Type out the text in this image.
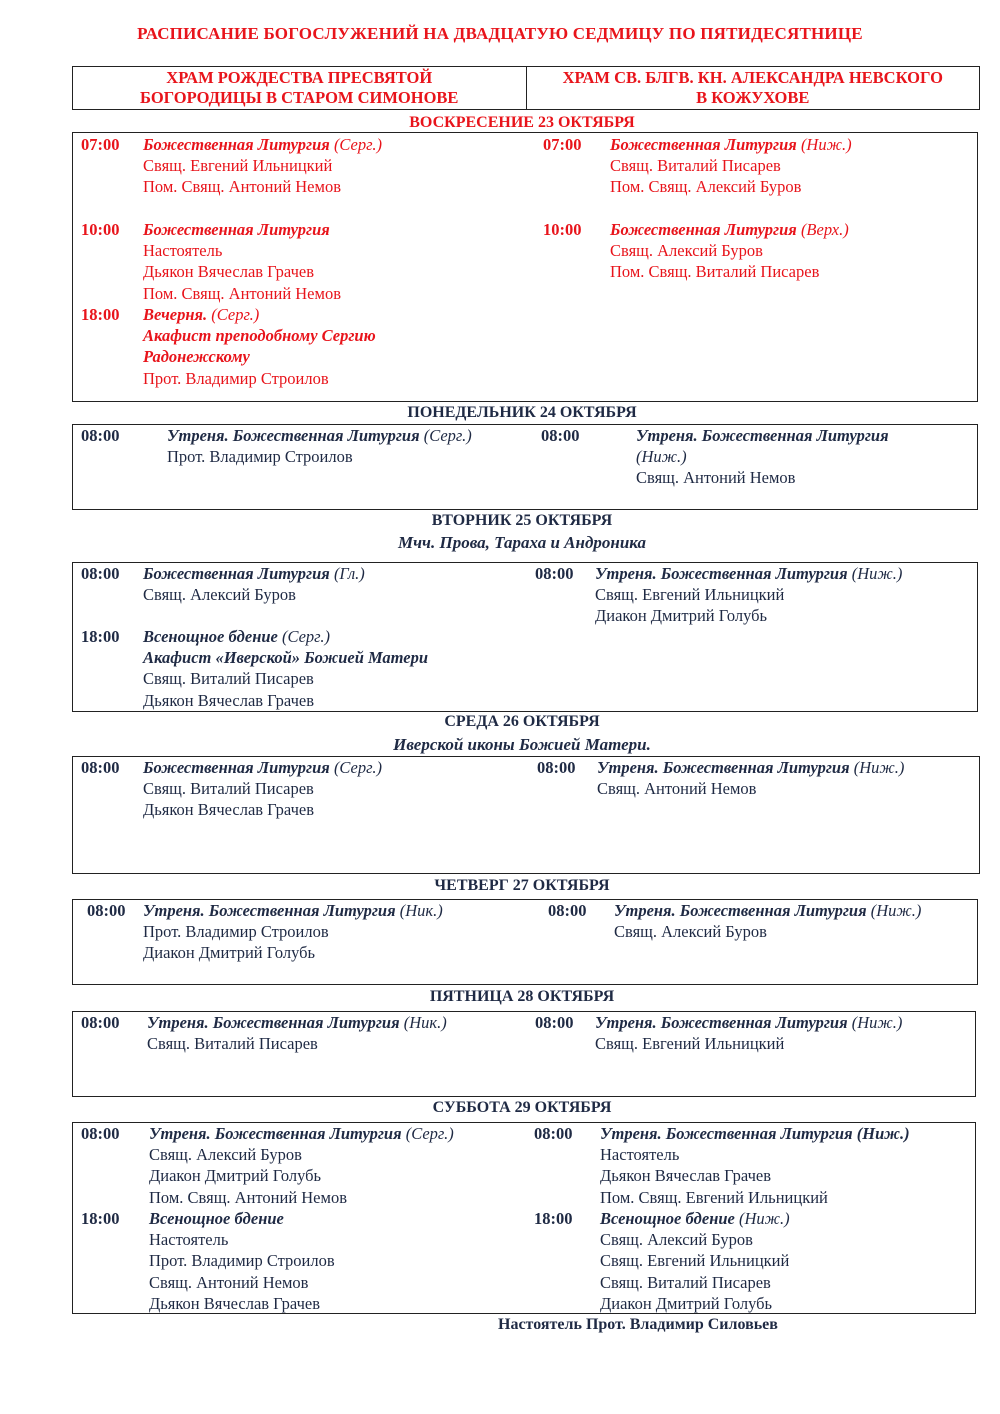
РАСПИСАНИЕ БОГОСЛУЖЕНИЙ НА ДВАДЦАТУЮ СЕДМИЦУ ПО ПЯТИДЕСЯТНИЦЕ
ХРАМ РОЖДЕСТВА ПРЕСВЯТОЙ
БОГОРОДИЦЫ В СТАРОМ СИМОНОВЕ
ХРАМ СВ. БЛГВ. КН. АЛЕКСАНДРА НЕВСКОГО
В КОЖУХОВЕ
ВОСКРЕСЕНИЕ 23 ОКТЯБРЯ
07:00 Божественная Литургия (Серг.)
Свящ. Евгений Ильницкий
Пом. Свящ. Антоний Немов
10:00 Божественная Литургия
Настоятель
Дьякон Вячеслав Грачев
Пом. Свящ. Антоний Немов
18:00 Вечерня. (Серг.)
Акафист преподобному Сергию Радонежскому
Прот. Владимир Строилов
07:00 Божественная Литургия (Ниж.)
Свящ. Виталий Писарев
Пом. Свящ. Алексий Буров
10:00 Божественная Литургия (Верх.)
Свящ. Алексий Буров
Пом. Свящ. Виталий Писарев
ПОНЕДЕЛЬНИК 24 ОКТЯБРЯ
08:00	Утреня. Божественная Литургия (Серг.)
Прот. Владимир Строилов
08:00	Утреня. Божественная Литургия
(Ниж.)
Свящ. Антоний Немов
ВТОРНИК 25 ОКТЯБРЯ
Мчч. Прова, Тараха и Андроника
08:00 Божественная Литургия (Гл.)
Свящ. Алексий Буров
18:00 Всенощное бдение (Серг.)
Акафист «Иверской» Божией Матери
Свящ. Виталий Писарев
Дьякон Вячеслав Грачев
08:00 Утреня. Божественная Литургия (Ниж.)
Свящ. Евгений Ильницкий
Диакон Дмитрий Голубь
СРЕДА 26 ОКТЯБРЯ
Иверской иконы Божией Матери.
08:00 Божественная Литургия (Серг.)
Свящ. Виталий Писарев
Дьякон Вячеслав Грачев
08:00 Утреня. Божественная Литургия (Ниж.)
Свящ. Антоний Немов
ЧЕТВЕРГ 27 ОКТЯБРЯ
08:00 Утреня. Божественная Литургия (Ник.)
Прот. Владимир Строилов
Диакон Дмитрий Голубь
08:00 Утреня. Божественная Литургия (Ниж.)
Свящ. Алексий Буров
ПЯТНИЦА 28 ОКТЯБРЯ
08:00 Утреня. Божественная Литургия (Ник.)
Свящ. Виталий Писарев
08:00 Утреня. Божественная Литургия (Ниж.)
Свящ. Евгений Ильницкий
СУББОТА 29 ОКТЯБРЯ
08:00 Утреня. Божественная Литургия (Серг.)
Свящ. Алексий Буров
Диакон Дмитрий Голубь
Пом. Свящ. Антоний Немов
18:00 Всенощное бдение
Настоятель
Прот. Владимир Строилов
Свящ. Антоний Немов
Дьякон Вячеслав Грачев
08:00 Утреня. Божественная Литургия (Ниж.)
Настоятель
Дьякон Вячеслав Грачев
Пом. Свящ. Евгений Ильницкий
18:00 Всенощное бдение (Ниж.)
Свящ. Алексий Буров
Свящ. Евгений Ильницкий
Свящ. Виталий Писарев
Диакон Дмитрий Голубь
Настоятель Прот. Владимир Силовьев
